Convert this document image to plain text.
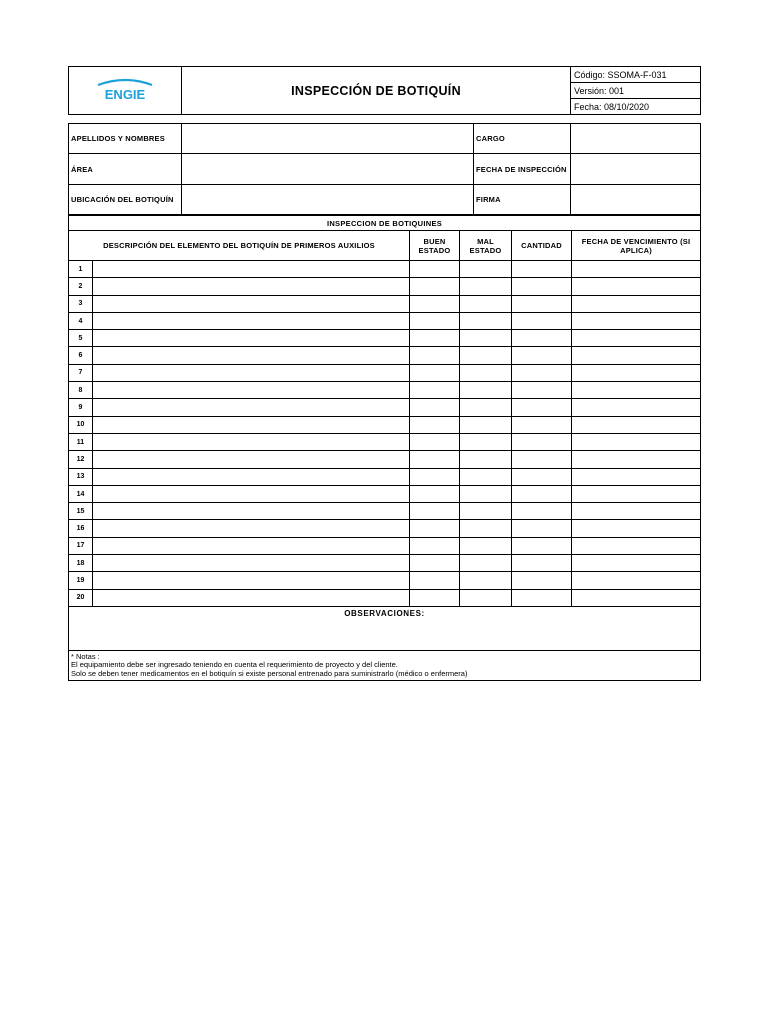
ENGIE	INSPECCIÓN DE BOTIQUÍN	Código: SSOMA-F-031
Versión: 001
Fecha: 08/10/2020
APELLIDOS Y NOMBRES		CARGO	
ÁREA		FECHA DE INSPECCIÓN	
UBICACIÓN DEL BOTIQUÍN		FIRMA	
INSPECCION DE BOTIQUINES					
DESCRIPCIÓN DEL ELEMENTO DEL BOTIQUÍN DE PRIMEROS AUXILIOS		BUEN ESTADO	MAL ESTADO	CANTIDAD	FECHA DE VENCIMIENTO (SI APLICA)
1					
2					
3					
4					
5					
6					
7					
8					
9					
10					
11					
12					
13					
14					
15					
16					
17					
18					
19					
20					
OBSERVACIONES:					

* Notas :
El equipamiento debe ser ingresado teniendo en cuenta el requerimiento de proyecto y del cliente.
Solo se deben tener medicamentos en el botiquín si existe personal entrenado para suministrarlo (médico o enfermera)					
